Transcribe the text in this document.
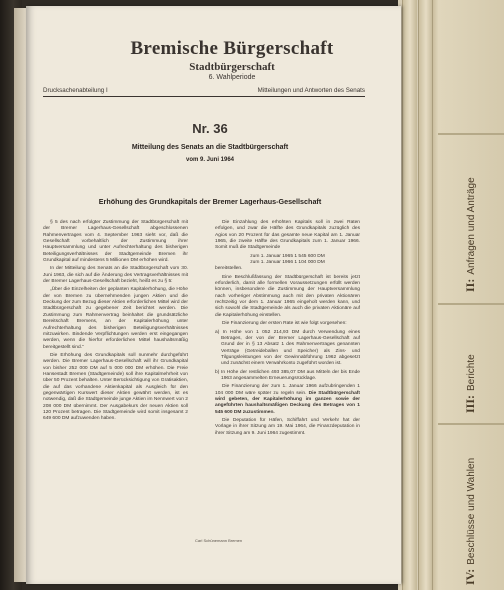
II:Anfragen und Anträge
III:Berichte
IV:Beschlüsse und Wahlen
Bremische Bürgerschaft
Stadtbürgerschaft
6. Wahlperiode
Drucksachenabteilung I	Mitteilungen und Antworten des Senats

Nr. 36
Mitteilung des Senats an die Stadtbürgerschaft
vom 9. Juni 1964
Erhöhung des Grundkapitals der Bremer Lagerhaus-Gesellschaft

§ 5 des nach erfolgter Zustimmung der Stadtbürgerschaft mit der Bremer Lagerhaus-Gesellschaft abgeschlossenen Rahmenvertrages vom 4. September 1963 sieht vor, daß die Gesellschaft vorbehaltlich der Zustimmung ihrer Hauptversammlung und unter Aufrechterhaltung des bisherigen Beteiligungsverhältnisses der Stadtgemeinde Bremen ihr Grundkapital auf mindestens 5 Millionen DM erhöhen wird.

In der Mitteilung des Senats an die Stadtbürgerschaft vom 30. Juni 1963, die sich auf die Änderung des Vertragsverhältnisses mit der Bremer Lagerhaus-Gesellschaft bezieht, heißt es zu § 5:

„Über die Einzelheiten der geplanten Kapitalerhöhung, die Höhe der von Bremen zu übernehmenden jungen Aktien und die Deckung der zum Bezug dieser Aktien erforderlichen Mittel wird der Stadtbürgerschaft zu gegebener Zeit berichtet werden. Die Zustimmung zum Rahmenvertrag beinhaltet die grundsätzliche Bereitschaft Bremens, an der Kapitalerhöhung unter Aufrechterhaltung des bisherigen Beteiligungsverhältnisses mitzuwirken. Bindende Verpflichtungen werden erst eingegangen werden, wenn die hierfür erforderlichen Mittel haushaltsmäßig bereitgestellt sind.“

Die Erhöhung des Grundkapitals soll nunmehr durchgeführt werden. Die Bremer Lagerhaus-Gesellschaft will ihr Grundkapital von bisher 252 000 DM auf 5 000 000 DM erhöhen. Die Freie Hansestadt Bremen (Stadtgemeinde) soll ihre Kapitalmehrheit von über 50 Prozent behalten. Unter Berücksichtigung von Gratisaktien, die auf das vorhandene Aktienkapital als Ausgleich für den gegenwärtigen Kurswert dieser Aktien gewährt werden, ist es notwendig, daß die Stadtgemeinde junge Aktien im Nennwert von 2 208 000 DM übernimmt. Der Ausgabekurs der neuen Aktien soll 120 Prozent betragen. Die Stadtgemeinde wird somit insgesamt 2 649 600 DM aufzuwenden haben.

Die Einzahlung des erhöhten Kapitals soll in zwei Raten erfolgen, und zwar die Hälfte des Grundkapitals zuzüglich des Agios von 20 Prozent für das gesamte neue Kapital am 1. Januar 1965, die zweite Hälfte des Grundkapitals zum 1. Januar 1966. Somit muß die Stadtgemeinde

zum 1. Januar 1965 1 545 600 DM

zum 1. Januar 1966 1 104 000 DM

bereitstellen.

Eine Beschlußfassung der Stadtbürgerschaft ist bereits jetzt erforderlich, damit alle formellen Voraussetzungen erfüllt werden können, insbesondere die Zustimmung der Hauptversammlung nach vorheriger Abstimmung auch mit den privaten Aktionären rechtzeitig vor dem 1. Januar 1965 eingeholt werden kann, und sich sowohl die Stadtgemeinde als auch die privaten Aktionäre auf die Kapitalerhöhung einstellen.

Die Finanzierung der ersten Rate ist wie folgt vorgesehen:

a) In Höhe von 1 052 214,93 DM durch Verwendung eines Betrages, der von der Bremer Lagerhaus-Gesellschaft auf Grund der in § 13 Absatz 1 des Rahmenvertrages genannten Verträge (Getreideballen und Speicher) als Zins- und Tilgungsleistungen von der Gewinnabführung 1962 abgesetzt und zunächst einem Verwahrkonto zugeführt worden ist.

b) In Höhe der restlichen 493 385,07 DM aus Mitteln der bis Ende 1963 angesammelten Erneuerungsrücklage.

Die Finanzierung der zum 1. Januar 1966 aufzubringenden 1 104 000 DM wäre später zu regeln sein. Die Stadtbürgerschaft wird gebeten, der Kapitalerhöhung im ganzen sowie der angeführten haushaltsmäßigen Deckung des Betrages von 1 545 600 DM zuzustimmen.

Die Deputation für Häfen, Schiffahrt und Verkehr hat der Vorlage in ihrer Sitzung am 19. Mai 1964, die Finanzdeputation in ihrer Sitzung am 9. Juni 1964 zugestimmt.

Carl Schünemann Bremen
